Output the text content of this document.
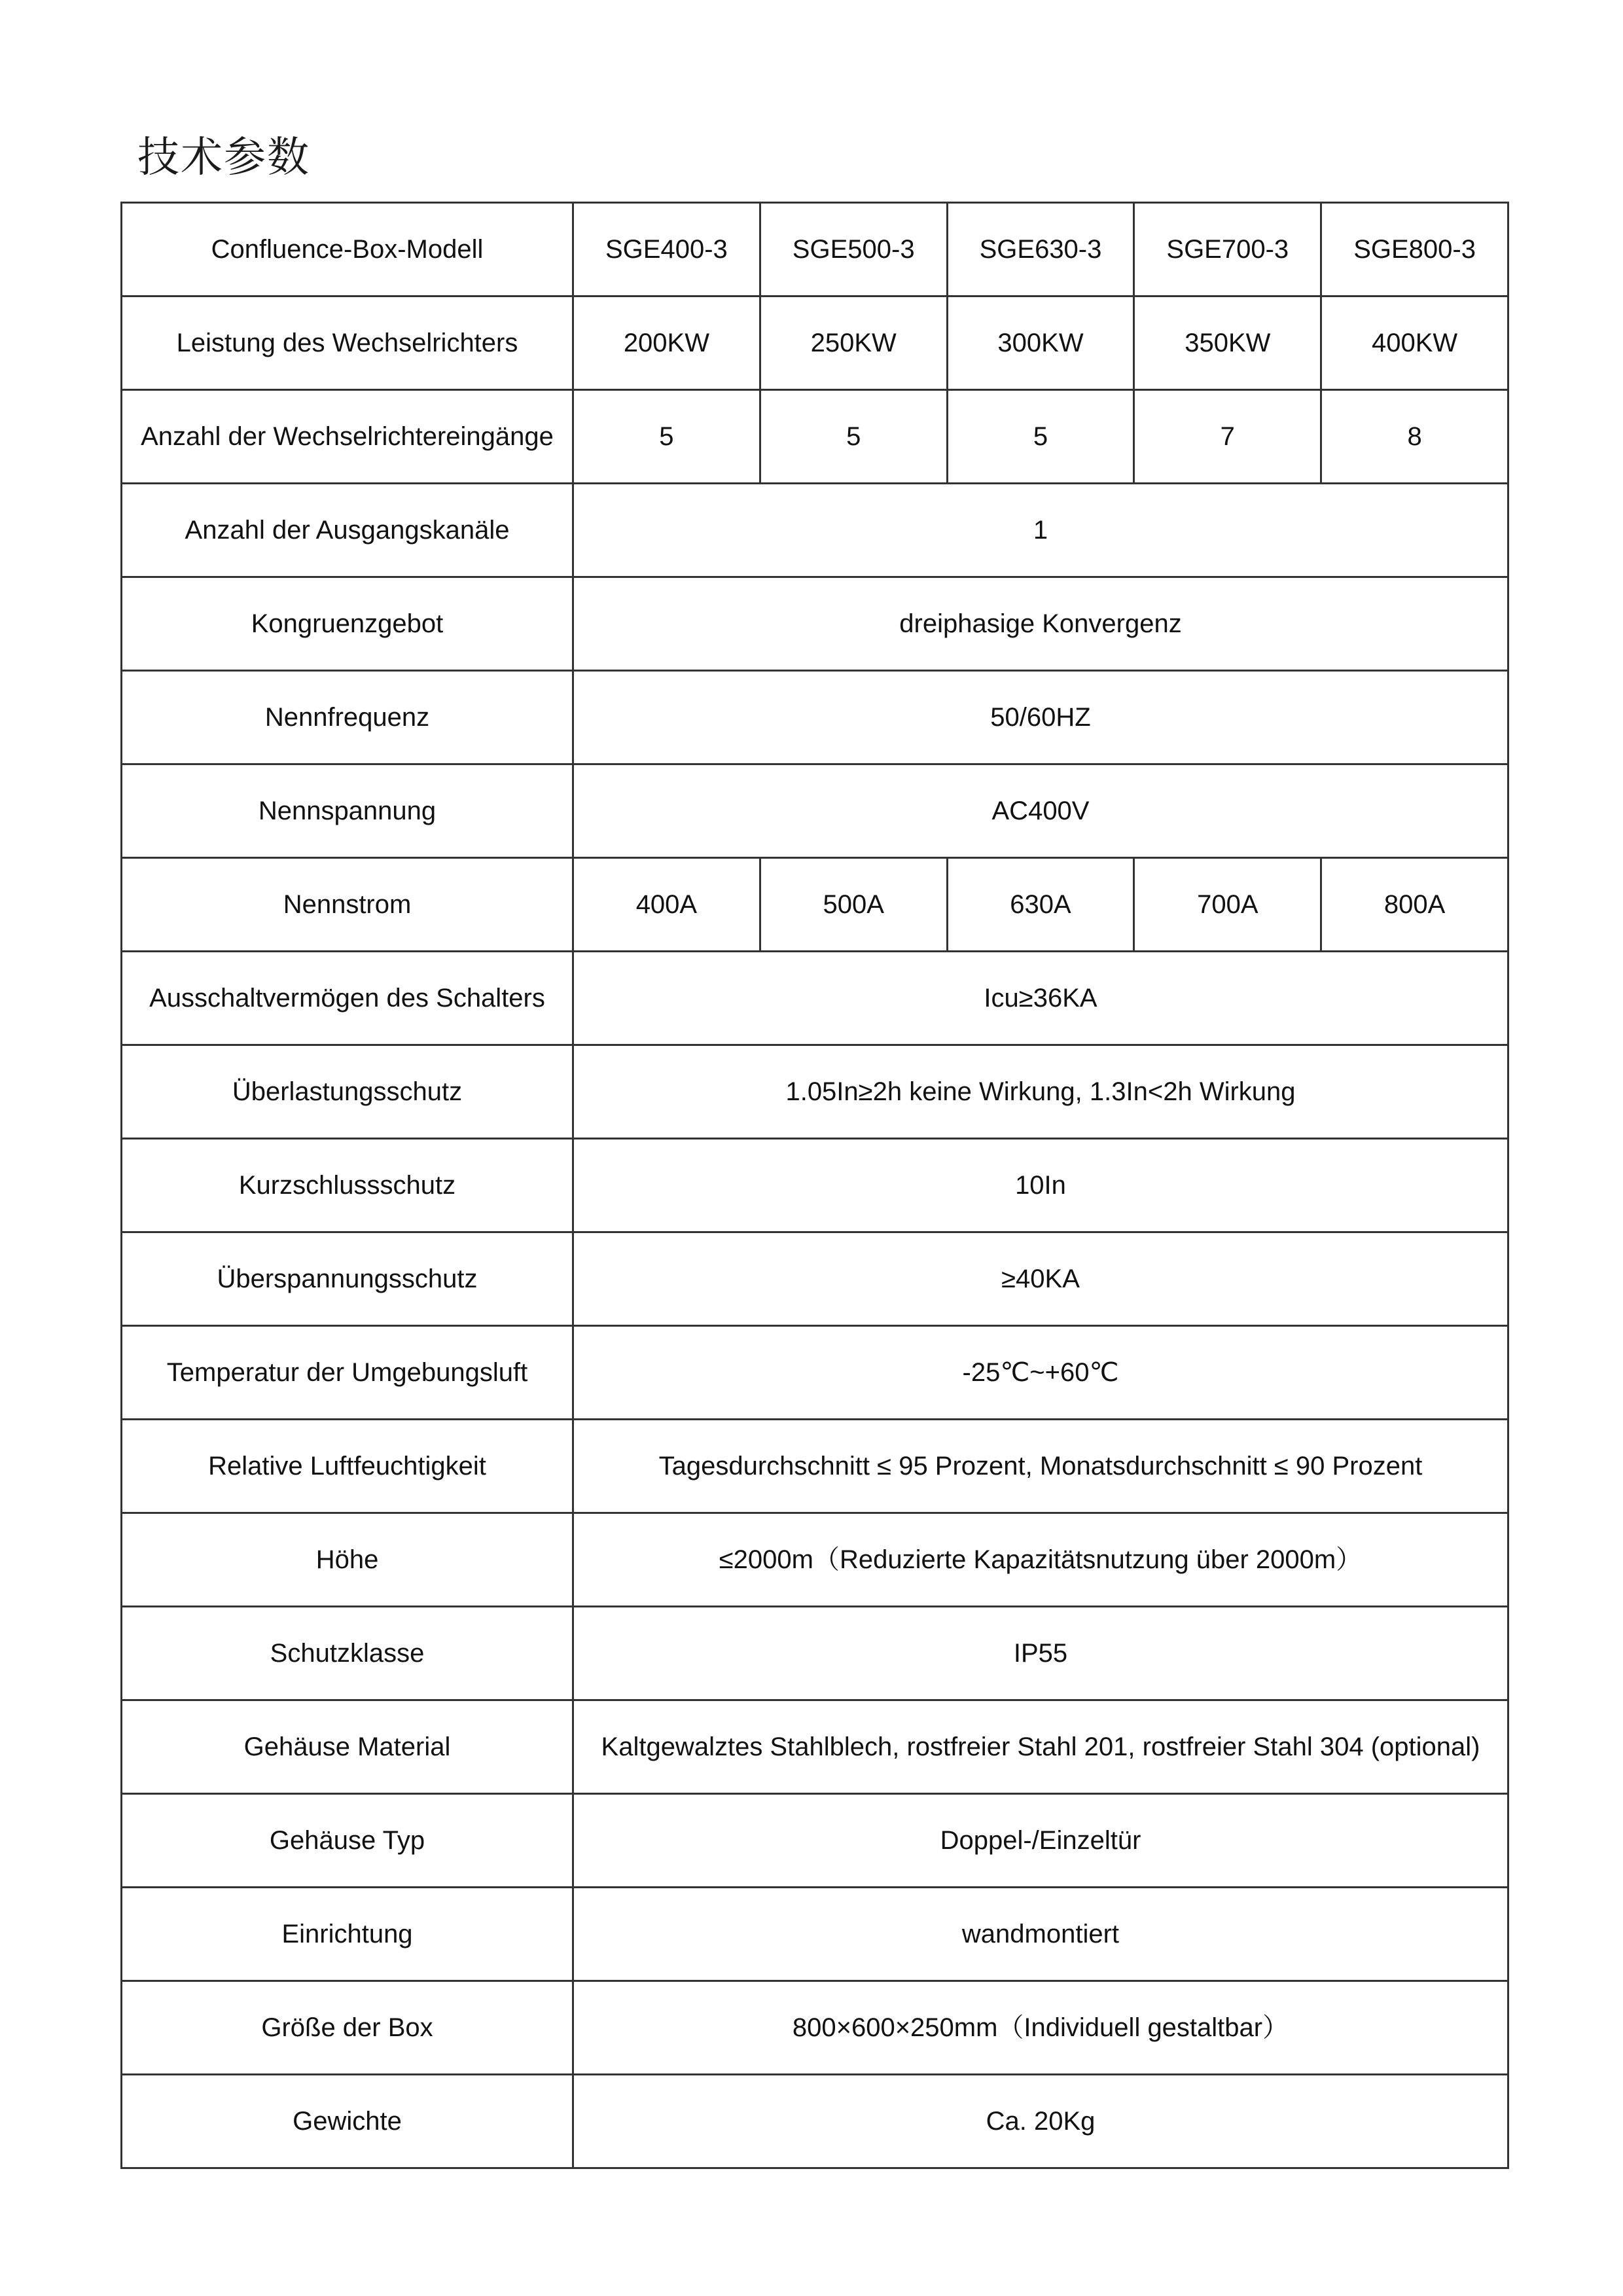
技术参数
Confluence-Box-Modell	SGE400-3	SGE500-3	SGE630-3	SGE700-3	SGE800-3
Leistung des Wechselrichters	200KW	250KW	300KW	350KW	400KW
Anzahl der Wechselrichtereingänge	5	5	5	7	8
Anzahl der Ausgangskanäle	1				
Kongruenzgebot	dreiphasige Konvergenz				
Nennfrequenz	50/60HZ				
Nennspannung	AC400V				
Nennstrom	400A	500A	630A	700A	800A
Ausschaltvermögen des Schalters	Icu≥36KA				
Überlastungsschutz	1.05In≥2h keine Wirkung, 1.3In<2h Wirkung				
Kurzschlussschutz	10In				
Überspannungsschutz	≥40KA				
Temperatur der Umgebungsluft	-25℃~+60℃				
Relative Luftfeuchtigkeit	Tagesdurchschnitt ≤ 95 Prozent, Monatsdurchschnitt ≤ 90 Prozent				
Höhe	≤2000m（Reduzierte Kapazitätsnutzung über 2000m）				
Schutzklasse	IP55				
Gehäuse Material	Kaltgewalztes Stahlblech, rostfreier Stahl 201, rostfreier Stahl 304 (optional)				
Gehäuse Typ	Doppel-/Einzeltür				
Einrichtung	wandmontiert				
Größe der Box	800×600×250mm（Individuell gestaltbar）				
Gewichte	Ca. 20Kg				
